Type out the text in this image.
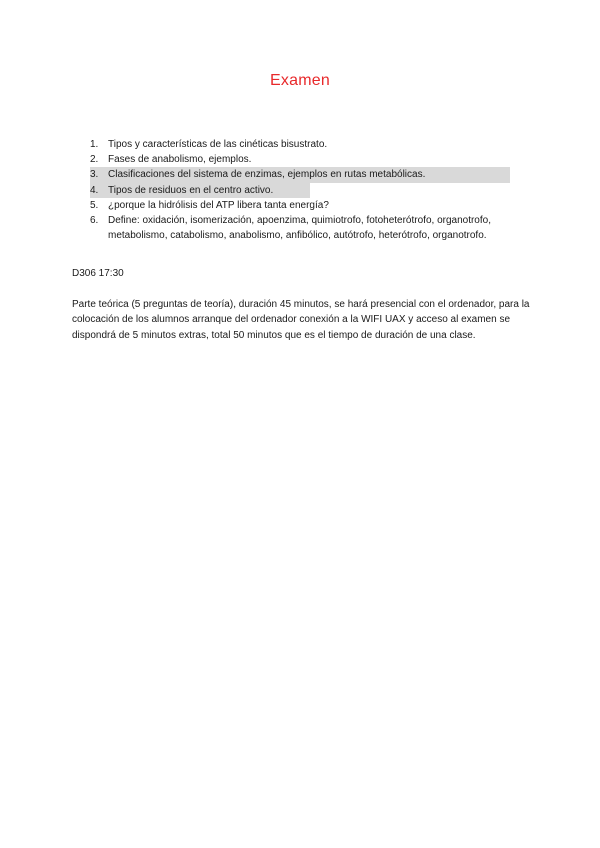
Examen
1. Tipos y características de las cinéticas bisustrato.
2. Fases de anabolismo, ejemplos.
3. Clasificaciones del sistema de enzimas, ejemplos en rutas metabólicas.
4. Tipos de residuos en el centro activo.
5. ¿porque la hidrólisis del ATP libera tanta energía?
6. Define: oxidación, isomerización, apoenzima, quimiotrofo, fotoheterótrofo, organotrofo, metabolismo, catabolismo, anabolismo, anfibólico, autótrofo, heterótrofo, organotrofo.
D306 17:30

Parte teórica (5 preguntas de teoría), duración 45 minutos, se hará presencial con el ordenador, para la colocación de los alumnos arranque del ordenador conexión a la WIFI UAX y acceso al examen se dispondrá de 5 minutos extras, total 50 minutos que es el tiempo de duración de una clase.
